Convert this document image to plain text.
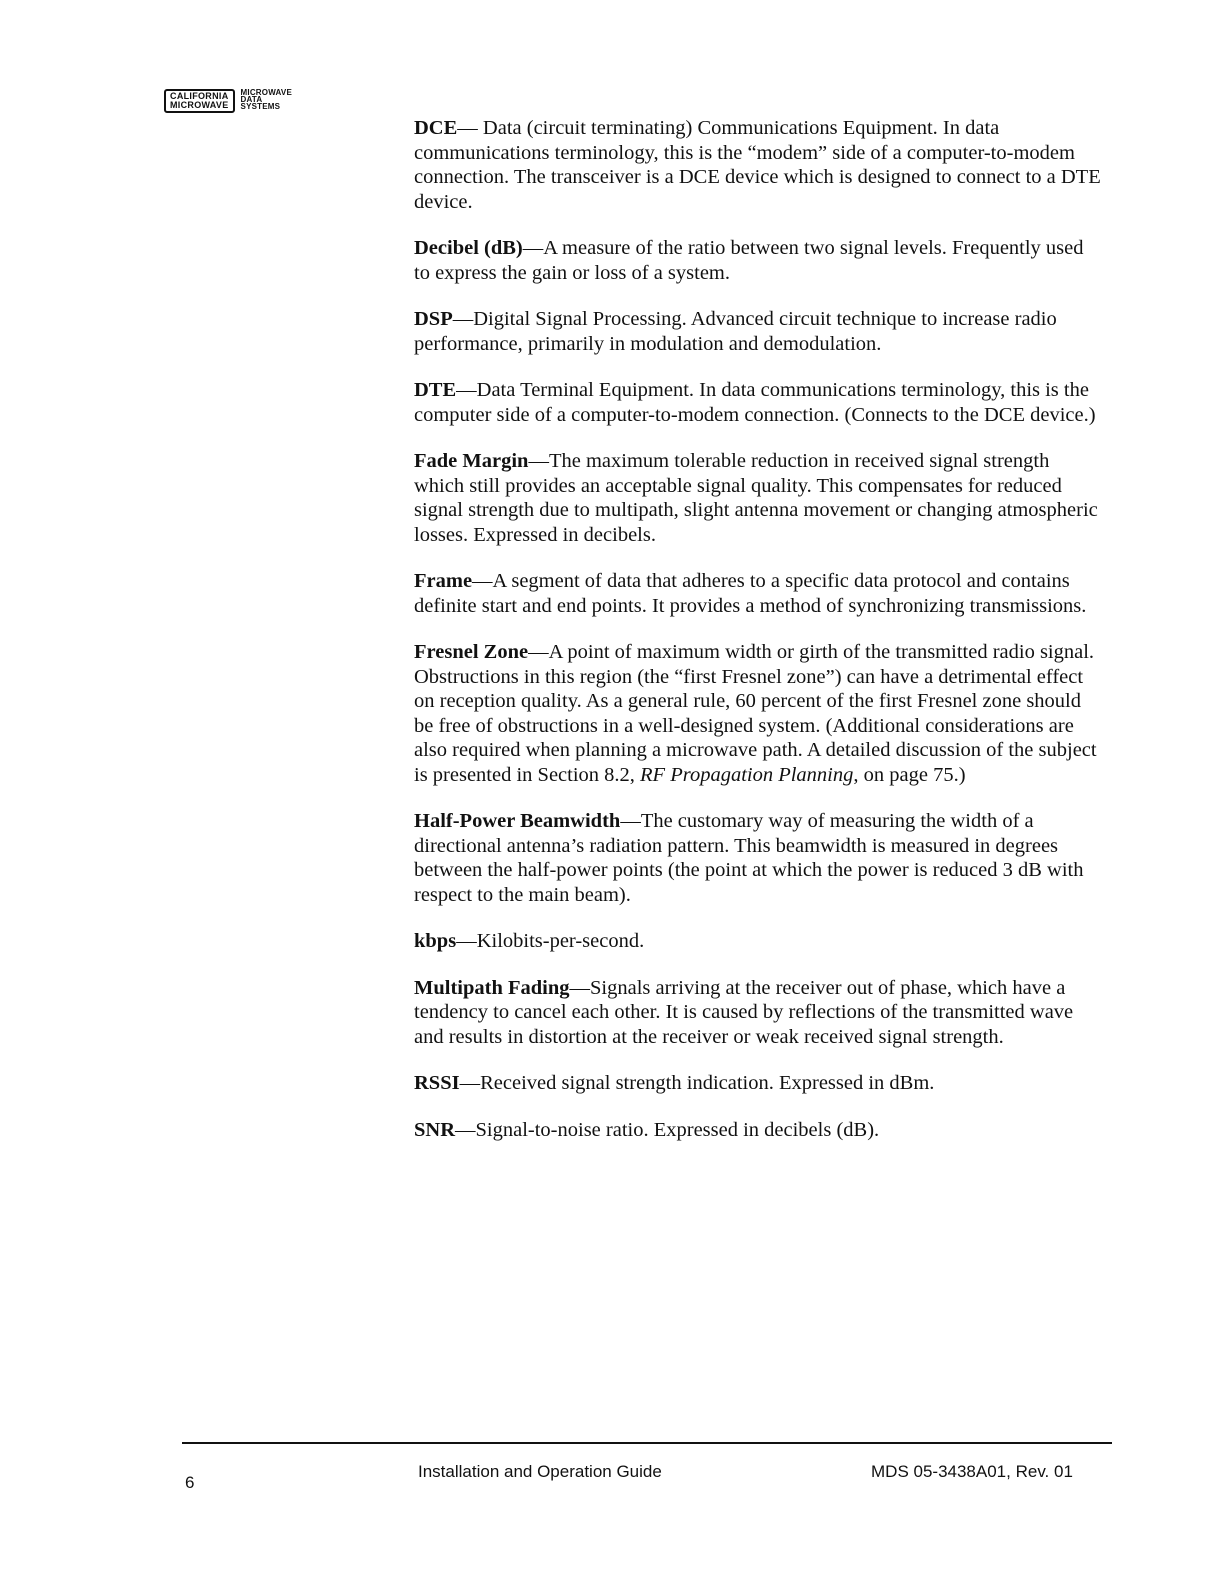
CALIFORNIA
MICROWAVE
MICROWAVE
DATA
SYSTEMS

DCE— Data (circuit terminating) Communications Equipment. In data communications terminology, this is the “modem” side of a computer-to-modem connection. The transceiver is a DCE device which is designed to connect to a DTE device.

Decibel (dB)—A measure of the ratio between two signal levels. Frequently used to express the gain or loss of a system.

DSP—Digital Signal Processing. Advanced circuit technique to increase radio performance, primarily in modulation and demodulation.

DTE—Data Terminal Equipment. In data communications terminology, this is the computer side of a computer-to-modem connection. (Connects to the DCE device.)

Fade Margin—The maximum tolerable reduction in received signal strength which still provides an acceptable signal quality. This compensates for reduced signal strength due to multipath, slight antenna movement or changing atmospheric losses. Expressed in decibels.

Frame—A segment of data that adheres to a specific data protocol and contains definite start and end points. It provides a method of synchronizing transmissions.

Fresnel Zone—A point of maximum width or girth of the transmitted radio signal. Obstructions in this region (the “first Fresnel zone”) can have a detrimental effect on reception quality. As a general rule, 60 percent of the first Fresnel zone should be free of obstructions in a well-designed system. (Additional considerations are also required when planning a microwave path. A detailed discussion of the subject is presented in Section 8.2, RF Propagation Planning, on page 75.)

Half-Power Beamwidth—The customary way of measuring the width of a directional antenna’s radiation pattern. This beamwidth is measured in degrees between the half-power points (the point at which the power is reduced 3 dB with respect to the main beam).

kbps—Kilobits-per-second.

Multipath Fading—Signals arriving at the receiver out of phase, which have a tendency to cancel each other. It is caused by reflections of the transmitted wave and results in distortion at the receiver or weak received signal strength.

RSSI—Received signal strength indication. Expressed in dBm.

SNR—Signal-to-noise ratio. Expressed in decibels (dB).

6
Installation and Operation Guide	MDS 05-3438A01, Rev. 01
